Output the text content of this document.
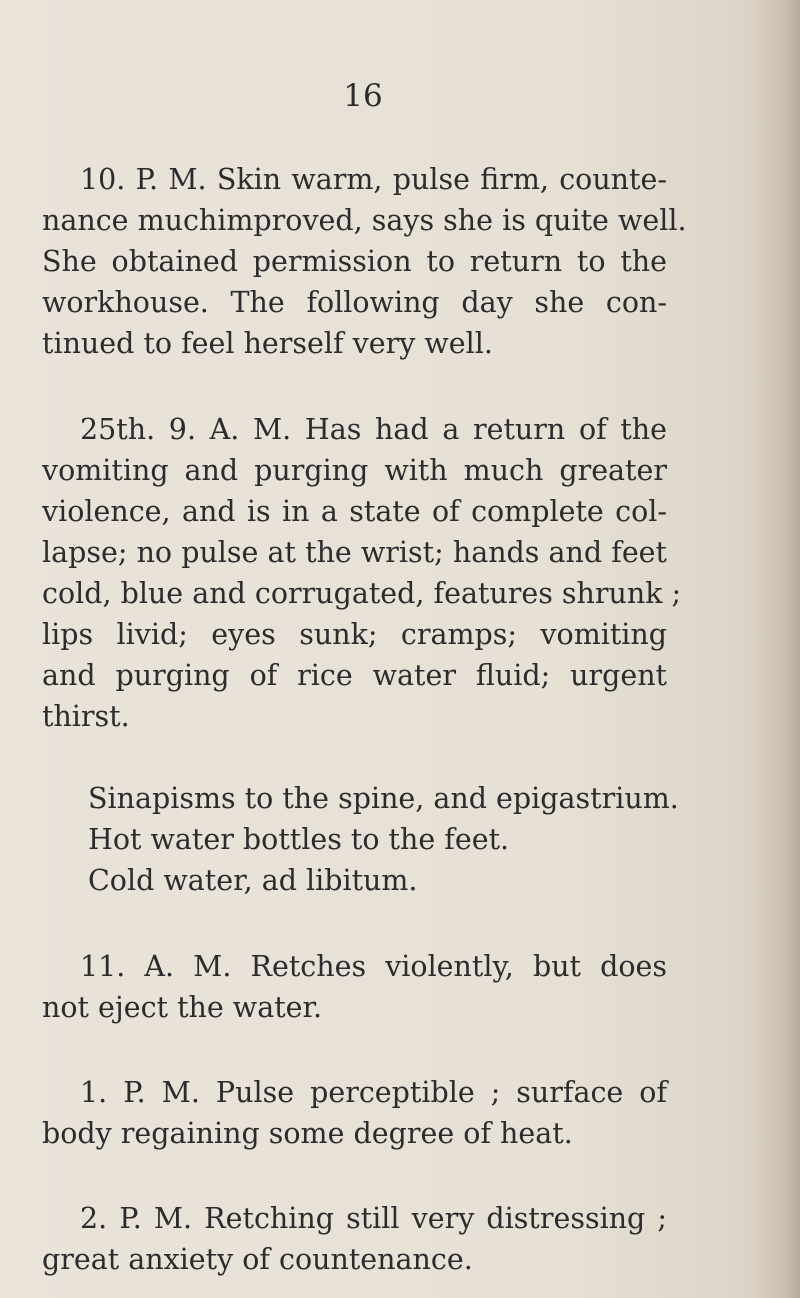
16
10. P. M. Skin warm, pulse firm, counte-
nance muchimproved, says she is quite well.
She obtained permission to return to the
workhouse. The following day she con-
tinued to feel herself very well.
25th. 9. A. M. Has had a return of the
vomiting and purging with much greater
violence, and is in a state of complete col-
lapse; no pulse at the wrist; hands and feet
cold, blue and corrugated, features shrunk ;
lips livid; eyes sunk; cramps; vomiting
and purging of rice water fluid; urgent
thirst.
Sinapisms to the spine, and epigastrium.
Hot water bottles to the feet.
Cold water, ad libitum.
11. A. M. Retches violently, but does
not eject the water.
1. P. M. Pulse perceptible ; surface of
body regaining some degree of heat.
2. P. M. Retching still very distressing ;
great anxiety of countenance.
